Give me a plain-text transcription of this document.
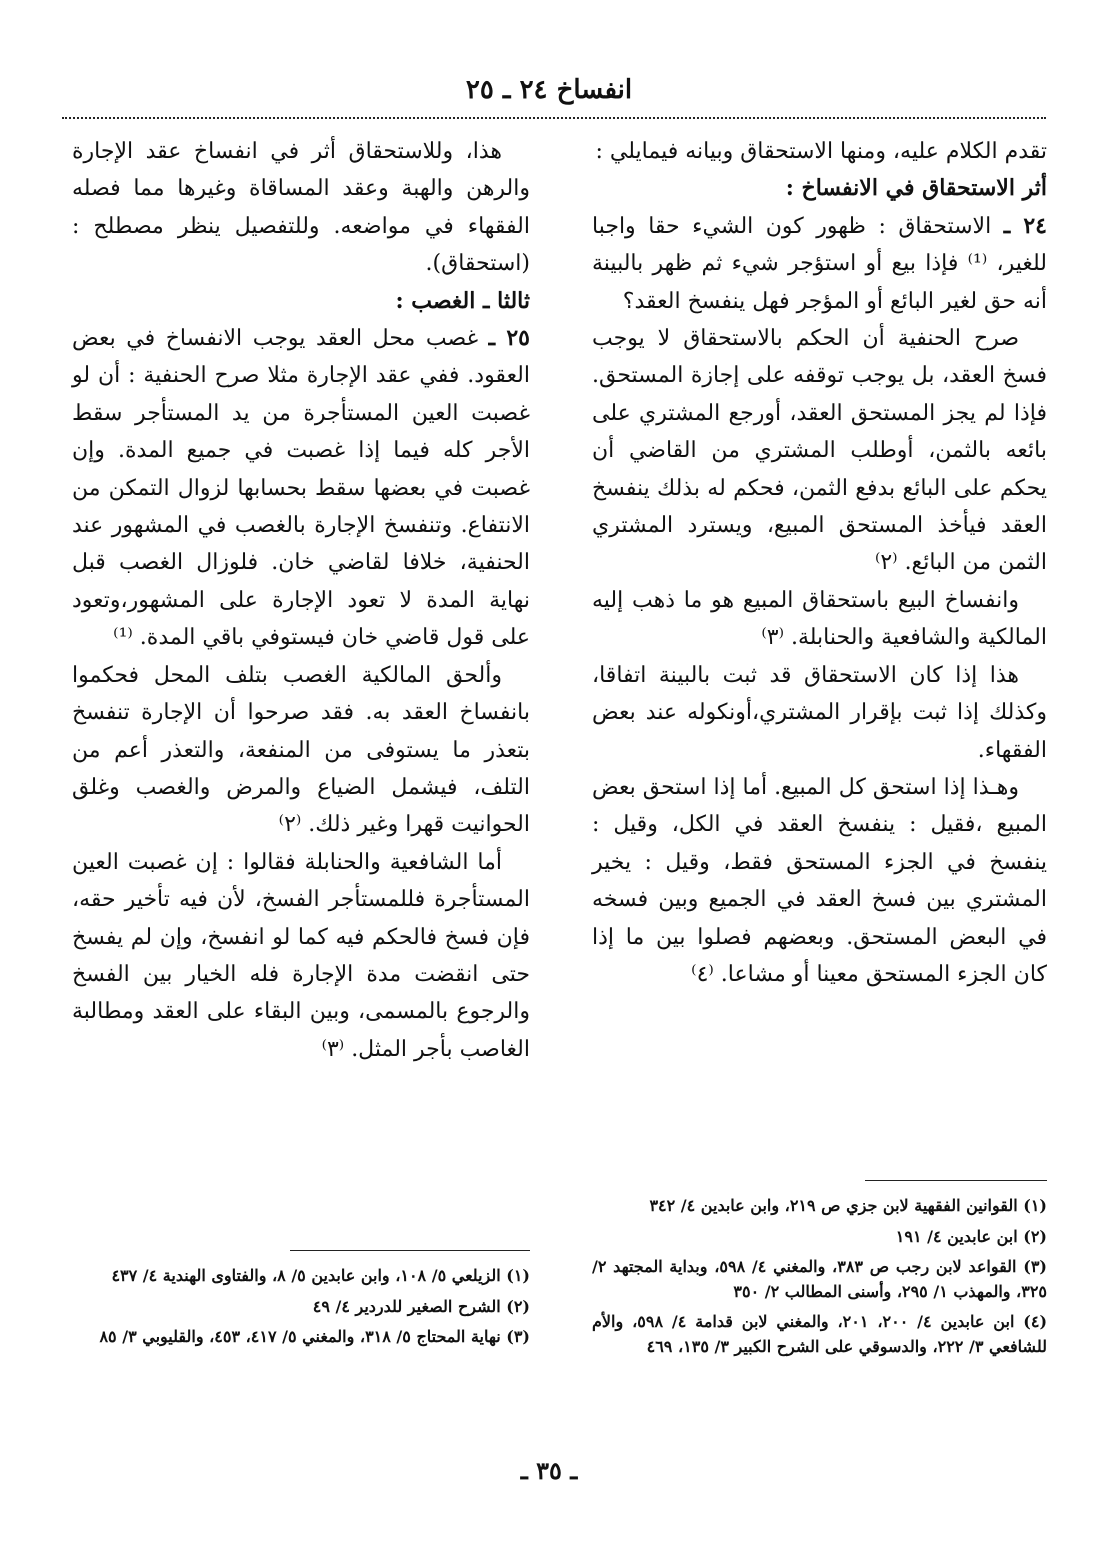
انفساخ ٢٤ ـ ٢٥

تقدم الكلام عليه، ومنها الاستحقاق وبيانه فيمايلي :

أثر الاستحقاق في الانفساخ :

٢٤ ـ الاستحقاق : ظهور كون الشيء حقا واجبا للغير، ⁽¹⁾ فإذا بيع أو استؤجر شيء ثم ظهر بالبينة أنه حق لغير البائع أو المؤجر فهل ينفسخ العقد؟

صرح الحنفية أن الحكم بالاستحقاق لا يوجب فسخ العقد، بل يوجب توقفه على إجازة المستحق. فإذا لم يجز المستحق العقد، أورجع المشتري على بائعه بالثمن، أوطلب المشتري من القاضي أن يحكم على البائع بدفع الثمن، فحكم له بذلك ينفسخ العقد فيأخذ المستحق المبيع، ويسترد المشتري الثمن من البائع. ⁽٢⁾

وانفساخ البيع باستحقاق المبيع هو ما ذهب إليه المالكية والشافعية والحنابلة. ⁽٣⁾

هذا إذا كان الاستحقاق قد ثبت بالبينة اتفاقا، وكذلك إذا ثبت بإقرار المشتري،أونكوله عند بعض الفقهاء.

وهـذا إذا استحق كل المبيع. أما إذا استحق بعض المبيع ،فقيل : ينفسخ العقد في الكل، وقيل : ينفسخ في الجزء المستحق فقط، وقيل : يخير المشتري بين فسخ العقد في الجميع وبين فسخه في البعض المستحق. وبعضهم فصلوا بين ما إذا كان الجزء المستحق معينا أو مشاعا. ⁽٤⁾

هذا، وللاستحقاق أثر في انفساخ عقد الإجارة والرهن والهبة وعقد المساقاة وغيرها مما فصله الفقهاء في مواضعه. وللتفصيل ينظر مصطلح : (استحقاق).

ثالثا ـ الغصب :

٢٥ ـ غصب محل العقد يوجب الانفساخ في بعض العقود. ففي عقد الإجارة مثلا صرح الحنفية : أن لو غصبت العين المستأجرة من يد المستأجر سقط الأجر كله فيما إذا غصبت في جميع المدة. وإن غصبت في بعضها سقط بحسابها لزوال التمكن من الانتفاع. وتنفسخ الإجارة بالغصب في المشهور عند الحنفية، خلافا لقاضي خان. فلوزال الغصب قبل نهاية المدة لا تعود الإجارة على المشهور،وتعود على قول قاضي خان فيستوفي باقي المدة. ⁽¹⁾

وألحق المالكية الغصب بتلف المحل فحكموا بانفساخ العقد به. فقد صرحوا أن الإجارة تنفسخ بتعذر ما يستوفى من المنفعة، والتعذر أعم من التلف، فيشمل الضياع والمرض والغصب وغلق الحوانيت قهرا وغير ذلك. ⁽٢⁾

أما الشافعية والحنابلة فقالوا : إن غصبت العين المستأجرة فللمستأجر الفسخ، لأن فيه تأخير حقه، فإن فسخ فالحكم فيه كما لو انفسخ، وإن لم يفسخ حتى انقضت مدة الإجارة فله الخيار بين الفسخ والرجوع بالمسمى، وبين البقاء على العقد ومطالبة الغاصب بأجر المثل. ⁽٣⁾

(١) القوانين الفقهية لابن جزي ص ٢١٩، وابن عابدين ٤/ ٣٤٢

(٢) ابن عابدين ٤/ ١٩١

(٣) القواعد لابن رجب ص ٣٨٣، والمغني ٤/ ٥٩٨، وبداية المجتهد ٢/ ٣٢٥، والمهذب ١/ ٢٩٥، وأسنى المطالب ٢/ ٣٥٠

(٤) ابن عابدين ٤/ ٢٠٠، ٢٠١، والمغني لابن قدامة ٤/ ٥٩٨، والأم للشافعي ٣/ ٢٢٢، والدسوقي على الشرح الكبير ٣/ ١٣٥، ٤٦٩

(١) الزيلعي ٥/ ١٠٨، وابن عابدين ٥/ ٨، والفتاوى الهندية ٤/ ٤٣٧

(٢) الشرح الصغير للدردير ٤/ ٤٩

(٣) نهاية المحتاج ٥/ ٣١٨، والمغني ٥/ ٤١٧، ٤٥٣، والقليوبي ٣/ ٨٥

ـ ٣٥ ـ
